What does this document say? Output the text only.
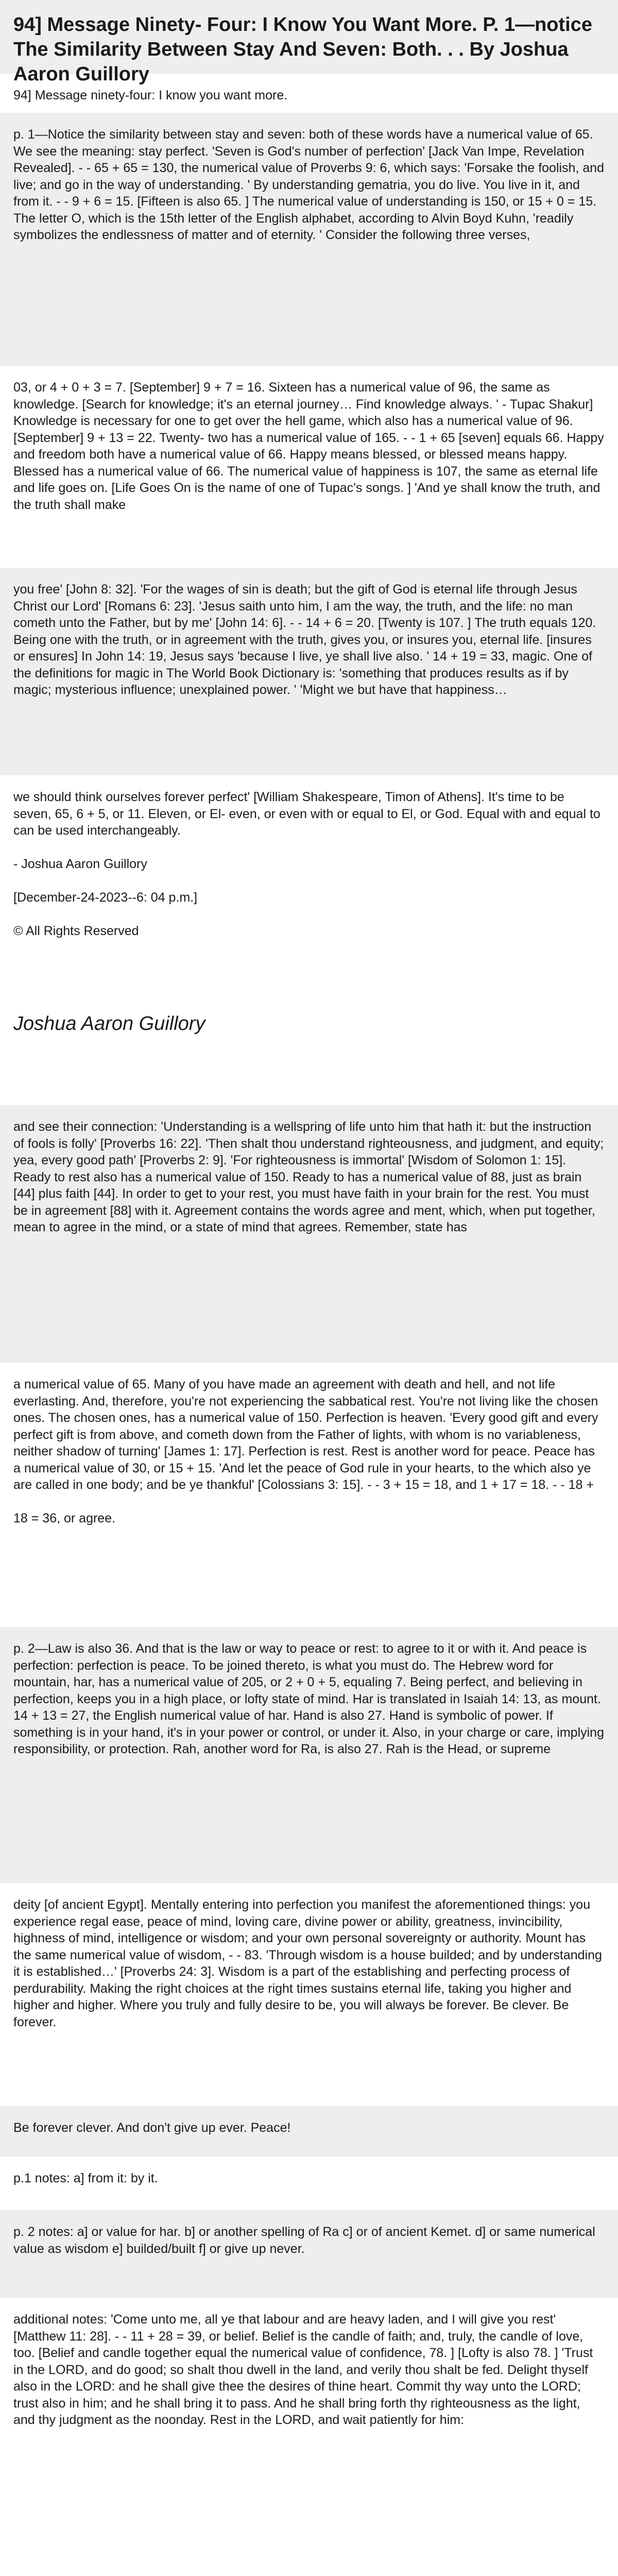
94] Message Ninety- Four: I Know You Want More. P. 1—notice The Similarity Between Stay And Seven: Both. . . By Joshua Aaron Guillory
94] Message ninety-four: I know you want more.
p. 1—Notice the similarity between stay and seven: both of these words have a numerical value of 65. We see the meaning: stay perfect. 'Seven is God's number of perfection' [Jack Van Impe, Revelation Revealed]. - - 65 + 65 = 130, the numerical value of Proverbs 9: 6, which says: 'Forsake the foolish, and live; and go in the way of understanding. ' By understanding gematria, you do live. You live in it, and from it. - - 9 + 6 = 15. [Fifteen is also 65. ] The numerical value of understanding is 150, or 15 + 0 = 15. The letter O, which is the 15th letter of the English alphabet, according to Alvin Boyd Kuhn, 'readily symbolizes the endlessness of matter and of eternity. ' Consider the following three verses,
03, or 4 + 0 + 3 = 7. [September] 9 + 7 = 16. Sixteen has a numerical value of 96, the same as knowledge. [Search for knowledge; it's an eternal journey… Find knowledge always. ' - Tupac Shakur] Knowledge is necessary for one to get over the hell game, which also has a numerical value of 96. [September] 9 + 13 = 22. Twenty- two has a numerical value of 165. - - 1 + 65 [seven] equals 66. Happy and freedom both have a numerical value of 66. Happy means blessed, or blessed means happy. Blessed has a numerical value of 66. The numerical value of happiness is 107, the same as eternal life and life goes on. [Life Goes On is the name of one of Tupac's songs. ] 'And ye shall know the truth, and the truth shall make
you free' [John 8: 32]. 'For the wages of sin is death; but the gift of God is eternal life through Jesus Christ our Lord' [Romans 6: 23]. 'Jesus saith unto him, I am the way, the truth, and the life: no man cometh unto the Father, but by me' [John 14: 6]. - - 14 + 6 = 20. [Twenty is 107. ] The truth equals 120. Being one with the truth, or in agreement with the truth, gives you, or insures you, eternal life. [insures or ensures] In John 14: 19, Jesus says 'because I live, ye shall live also. ' 14 + 19 = 33, magic. One of the definitions for magic in The World Book Dictionary is: 'something that produces results as if by magic; mysterious influence; unexplained power. ' 'Might we but have that happiness…
we should think ourselves forever perfect' [William Shakespeare, Timon of Athens]. It's time to be seven, 65, 6 + 5, or 11. Eleven, or El- even, or even with or equal to El, or God. Equal with and equal to can be used interchangeably.

- Joshua Aaron Guillory

[December-24-2023--6: 04 p.m.]

© All Rights Reserved
Joshua Aaron Guillory
and see their connection: 'Understanding is a wellspring of life unto him that hath it: but the instruction of fools is folly' [Proverbs 16: 22]. 'Then shalt thou understand righteousness, and judgment, and equity; yea, every good path' [Proverbs 2: 9]. 'For righteousness is immortal' [Wisdom of Solomon 1: 15]. Ready to rest also has a numerical value of 150. Ready to has a numerical value of 88, just as brain [44] plus faith [44]. In order to get to your rest, you must have faith in your brain for the rest. You must be in agreement [88] with it. Agreement contains the words agree and ment, which, when put together, mean to agree in the mind, or a state of mind that agrees. Remember, state has
a numerical value of 65. Many of you have made an agreement with death and hell, and not life everlasting. And, therefore, you're not experiencing the sabbatical rest. You're not living like the chosen ones. The chosen ones, has a numerical value of 150. Perfection is heaven. 'Every good gift and every perfect gift is from above, and cometh down from the Father of lights, with whom is no variableness, neither shadow of turning' [James 1: 17]. Perfection is rest. Rest is another word for peace. Peace has a numerical value of 30, or 15 + 15. 'And let the peace of God rule in your hearts, to the which also ye are called in one body; and be ye thankful' [Colossians 3: 15]. - - 3 + 15 = 18, and 1 + 17 = 18. - - 18 +

18 = 36, or agree.
p. 2—Law is also 36. And that is the law or way to peace or rest: to agree to it or with it. And peace is perfection: perfection is peace. To be joined thereto, is what you must do. The Hebrew word for mountain, har, has a numerical value of 205, or 2 + 0 + 5, equaling 7. Being perfect, and believing in perfection, keeps you in a high place, or lofty state of mind. Har is translated in Isaiah 14: 13, as mount. 14 + 13 = 27, the English numerical value of har. Hand is also 27. Hand is symbolic of power. If something is in your hand, it's in your power or control, or under it. Also, in your charge or care, implying responsibility, or protection. Rah, another word for Ra, is also 27. Rah is the Head, or supreme
deity [of ancient Egypt]. Mentally entering into perfection you manifest the aforementioned things: you experience regal ease, peace of mind, loving care, divine power or ability, greatness, invincibility, highness of mind, intelligence or wisdom; and your own personal sovereignty or authority. Mount has the same numerical value of wisdom, - - 83. 'Through wisdom is a house builded; and by understanding it is established…' [Proverbs 24: 3]. Wisdom is a part of the establishing and perfecting process of perdurability. Making the right choices at the right times sustains eternal life, taking you higher and higher and higher. Where you truly and fully desire to be, you will always be forever. Be clever. Be forever.
Be forever clever. And don't give up ever. Peace!
p.1 notes: a] from it: by it.
p. 2 notes: a] or value for har. b] or another spelling of Ra c] or of ancient Kemet. d] or same numerical value as wisdom e] builded/built f] or give up never.
additional notes: 'Come unto me, all ye that labour and are heavy laden, and I will give you rest' [Matthew 11: 28]. - - 11 + 28 = 39, or belief. Belief is the candle of faith; and, truly, the candle of love, too. [Belief and candle together equal the numerical value of confidence, 78. ] [Lofty is also 78. ] 'Trust in the LORD, and do good; so shalt thou dwell in the land, and verily thou shalt be fed. Delight thyself also in the LORD: and he shall give thee the desires of thine heart. Commit thy way unto the LORD; trust also in him; and he shall bring it to pass. And he shall bring forth thy righteousness as the light, and thy judgment as the noonday. Rest in the LORD, and wait patiently for him:
